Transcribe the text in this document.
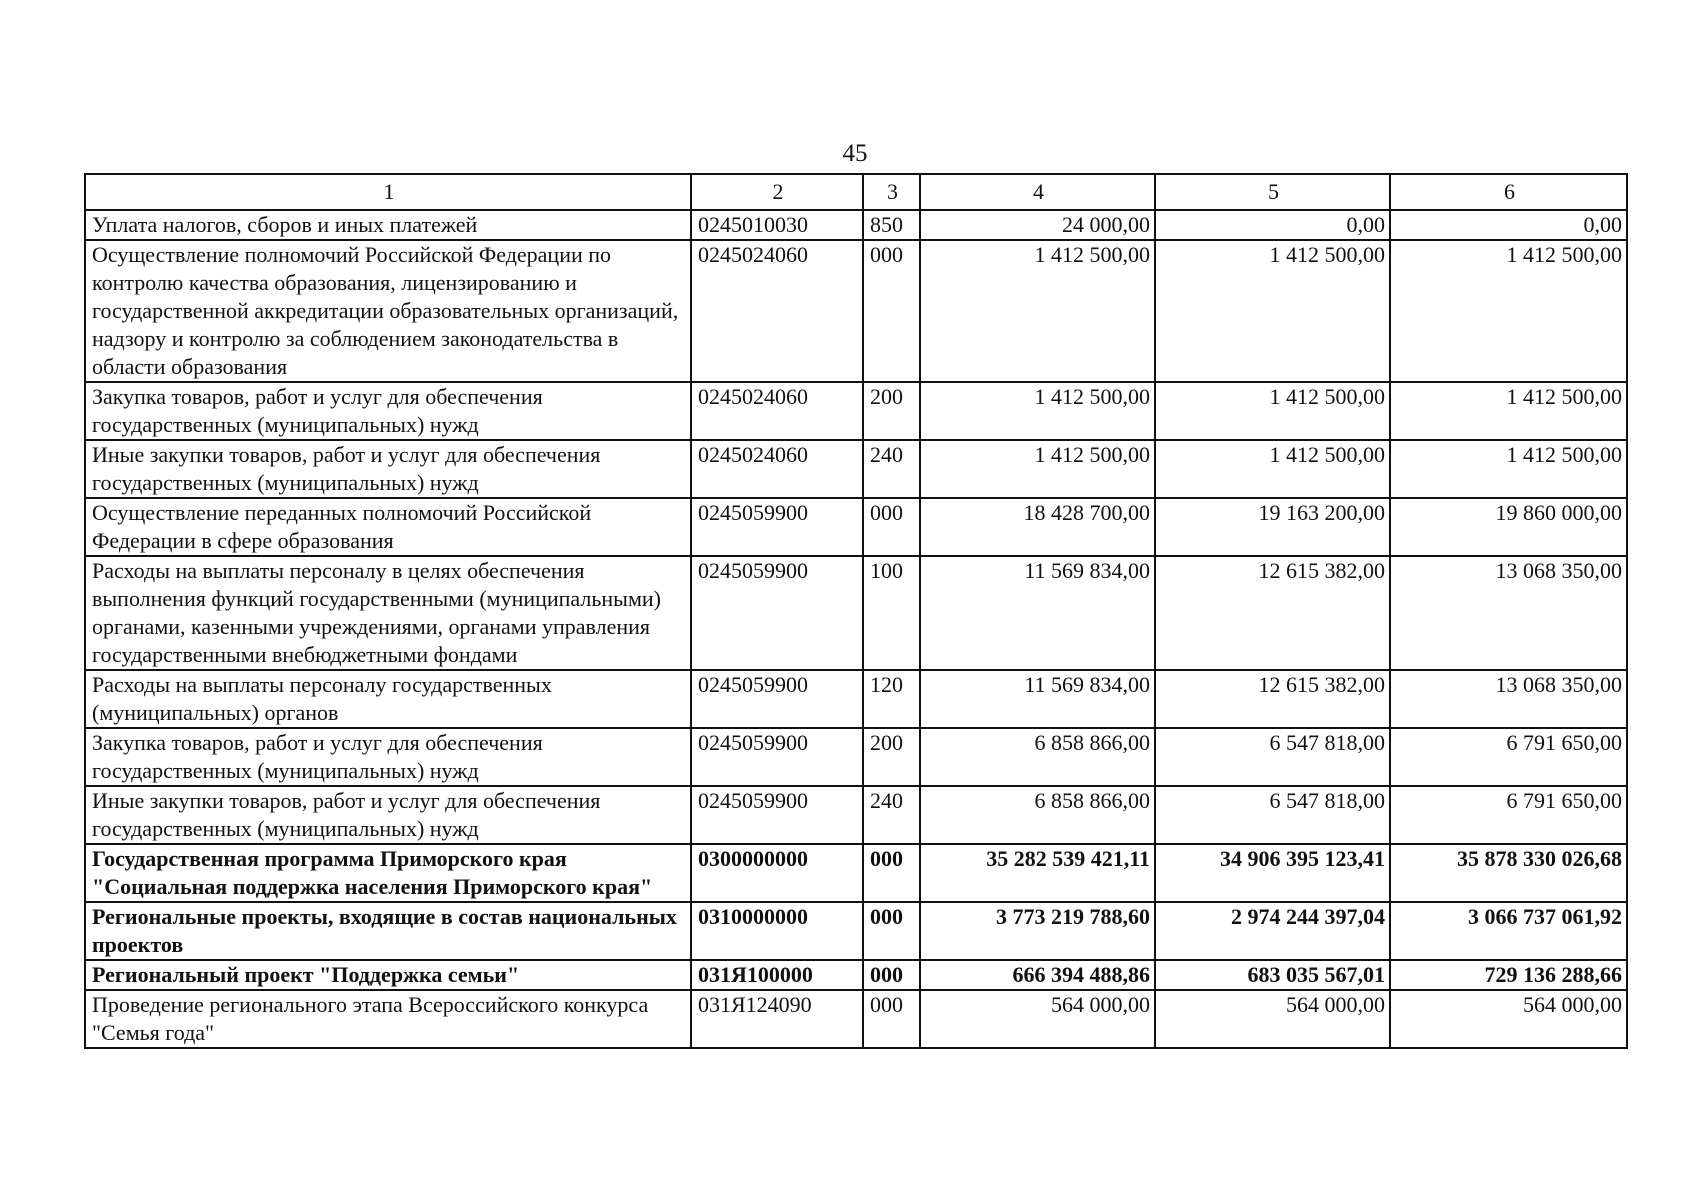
45
1	2	3	4	5	6
Уплата налогов, сборов и иных платежей	0245010030	850	24 000,00	0,00	0,00
Осуществление полномочий Российской Федерации по контролю качества образования, лицензированию и государственной аккредитации образовательных организаций, надзору и контролю за соблюдением законодательства в области образования	0245024060	000	1 412 500,00	1 412 500,00	1 412 500,00
Закупка товаров, работ и услуг для обеспечения государственных (муниципальных) нужд	0245024060	200	1 412 500,00	1 412 500,00	1 412 500,00
Иные закупки товаров, работ и услуг для обеспечения государственных (муниципальных) нужд	0245024060	240	1 412 500,00	1 412 500,00	1 412 500,00
Осуществление переданных полномочий Российской Федерации в сфере образования	0245059900	000	18 428 700,00	19 163 200,00	19 860 000,00
Расходы на выплаты персоналу в целях обеспечения выполнения функций государственными (муниципальными) органами, казенными учреждениями, органами управления государственными внебюджетными фондами	0245059900	100	11 569 834,00	12 615 382,00	13 068 350,00
Расходы на выплаты персоналу государственных (муниципальных) органов	0245059900	120	11 569 834,00	12 615 382,00	13 068 350,00
Закупка товаров, работ и услуг для обеспечения государственных (муниципальных) нужд	0245059900	200	6 858 866,00	6 547 818,00	6 791 650,00
Иные закупки товаров, работ и услуг для обеспечения государственных (муниципальных) нужд	0245059900	240	6 858 866,00	6 547 818,00	6 791 650,00
Государственная программа Приморского края "Социальная поддержка населения Приморского края"	0300000000	000	35 282 539 421,11	34 906 395 123,41	35 878 330 026,68
Региональные проекты, входящие в состав национальных проектов	0310000000	000	3 773 219 788,60	2 974 244 397,04	3 066 737 061,92
Региональный проект "Поддержка семьи"	031Я100000	000	666 394 488,86	683 035 567,01	729 136 288,66
Проведение регионального этапа Всероссийского конкурса "Семья года"	031Я124090	000	564 000,00	564 000,00	564 000,00
